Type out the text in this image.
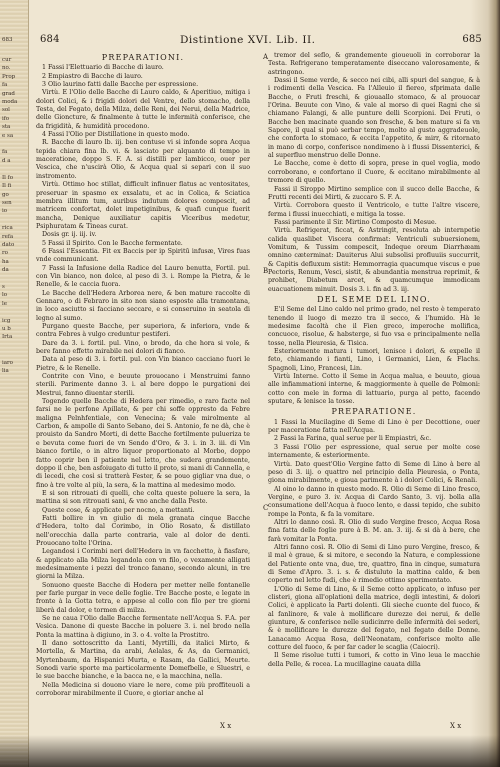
683
cur
no.
Prop
fa
grad
moda
sol
ifo
sta
e sa

fa
d a

Il fo
Il fi
go
sen
io

rica
refa
dato
ro
ha
da

s
lo
le

icg
u b
Irta

iaro
lia
684	Distintione XVI. Lib. II.	685
PREPARATIONI.

1 Fassi l'Elettuario di Bacche di lauro.

2 Empiastro di Bacche di lauro.

3 Olio laurino fatti dalle Bacche per espressione.

Virtù. E l'Olio delle Bacche di Lauro caldo, & Aperitiuo, mitiga i dolori Colici, & i frigidi dolori del Ventre, dello stomacho, della Testa, del Fegato, della Milza, delle Reni, dei Nerui, della Madrice, delle Gioncture, & finalmente à tutte le infermità conferisce, che da frigidità, & humidità procedono.

4 Fassi l'Olio per Distillatione in questo modo.

R. Bacche di lauro lb. iij. ben contuse vi si infonde sopra Acqua tepida chiara fina lb. vi. & lasciato per alquanto di tempo in maceratione, doppo S. F. A. si distilli per lambicco, ouer per Vescica, che n'uscirà Olio, & Acqua qual si separi con il suo instromento.

Virtù. Ottimo hoc stillat, difficult infinuer flatus ac ventositates, preseruar in spasmo ex exsalatu, et ac in Colica, & Sciatica membra illitum tum, auribus indutum dolores compescit, ad matricem confortat, dolet impetiginibus, & quafi cunque fuerit mancha, Denique auxiliatur capitis Vlceribus medetur, Psiphuratam & Tineas curat.

Dosis gr. ij. iij. iv.

5 Fassi il Spirito. Con le Bacche fermentate.

6 Fassi l'Essentia. Fit ex Baccis per ip Spiritū infusæ, Vires fuas vnde communicant.

7 Fassi la Infusione della Radice del Lauro benutta, Fortil. pul. con Vin bianco, non dolce, al peso di 3. i. Rompe la Pietra, & le Renelle, & le caccia fuora.

Le Bacche dell'Hedera Arborea nere, & ben mature raccolte di Gennaro, o di Febraro in sito non siano esposte alla tramontana, in loco asciutto si facciano seccare, e si conseruino in seatola di legno al sumo.

Purgano queste Bacche, per superiora, & inferiora, vnde & contra Febres à vulgo creduntur pestiferi.

Dare da 3. i. fortil. pul. Vino, o brodo, da che hora si vole, & bere fanno effetto mirabile nei dolori di fianco.

Data al peso di 3. i. fortil. pul. con Vin bianco cacciano fuori le Pietre, & le Renelle.

Contrite con Vino, e beuute prouocano i Menstruimi fanno sterili. Parimente danno 3. i. al bere doppo le purgationi dei Mestrui, fanno diuentar sterili.

Togendo quelle Bacche di Hedera per rimedio, e raro facte nel farsi ne le perfone Apillate, & per chi soffe oppresto da Febre maligna Pelnhfentiale, con Venecina; & vale mirolmente al Carbon, & ampolle di Santo Sebano, dei S. Antonio, fe ne dà, che è prouisto da Sandro Morti, di dette Bacche fortilmente pulueriza te e bevuta come fuori de vn Sendo d'Oro, & 3. i. in 3. iii. di Vin bianco fortile, o in altro liquor proportionato al Morbo, doppo fatto coprir ben il patiente nel letto, che sudera grandemente, doppo il che, ben asfoiugato di tutto il proto, si mani di Cannella, e di lecedi, che così si tratterà Fester, & se pouo gigliar vna due, o fino à tre volte al più, la sera, & la mattina al medesimo modo.

E si son ritrouati di quelli, che colta queste poluere la sera, la mattina si son ritrouati sani, & vno anche dalla Peste.

Queste cose, & applicate per nocno, a mettanti.

Fatti bollire in vn giulio di mela granata cinque Bacche d'Hedera, tolto dal Corimbo, in Olio Rosato, & distillato nell'orecchia dalla parte contraria, vale al dolor de denti. Prouocano tolte l'Orina.

Legandosi i Corimbi neri dell'Hedera in vn facchetto, à fiasfare, & applicato alla Milza legandola con vn filo, o vexamente alligati medesimamente i pezzi del tronco fanano, secondo alcuni, in tre giorni la Milza.

Sonuono queste Bacche di Hodera per metter nelle fontanelle per farle purgar in vece delle foglie. Tre Bacche poste, e legate in fronte à la Gotta tetra, e appese al collo con filo per tre giorni liberà dal dolor, e tormen di milza.

Se ne caua l'Olio dalle Bacche fermentate nell'Acqua S. F.A. per Vesica. Danone di queste Bacche in poluere 3. i. nel brodo nella Ponta la mattina à digiuno, in 3. o 4. volte la Prostitro.

Il dano sottoscritto da Lanti, Myrtilli, da italici Mirto, & Mortella, & Martina, da arabi, Aelalas, & As, da Germanici, Myrtenbaum, da Hispanici Murta, e Rasam, da Gallici, Meurte. Sonodi varie sporte ma particolarmente Domefbelle, e Sluestri, e le sue bacche bianche, e la bacca ne, e la macchina, nella.

Nella Medicina si douono viare le nere, come più proffiteuoli a corroborar mirabilmente il Cuore, e gioriar anche al

tremor del seflo, & grandemente gioueuoli in corroborar la Testa. Refrigerano temperatamente diseccano valorosamente, & astringono.

Dassi il Seme verde, & secco nei cibi, alli spuri del sangue, & à i rodimenti della Vescica. Fa l'Alleuio il fiereo, sfprimata dalle Bacche, o Fruti freschi, & giouaallo stomaco, & al prouocar l'Orina. Beuute con Vino, & vale al morso di quei Ragni che si chiamano Falangi, & alle punture delli Scorpioni. Dei Fruti, o Bacche ben macinate quando son fresche, & ben mature si fa vn Sapore, il qual si può serbar tempo, molto al gusto aggradeuole, che conforta lo stomaco, & eccita l'appetito, & mirr, & ritornato in mano di corpo, conferisce nondimeno à i flussi Dissenterici, & al superfluo menstruo delle Donne.

Le Bacche, come è detto di sopra, prese in quel voglia, modo corroborano, e confortano il Cuore, & eccitano mirabilmente al tremore di quello.

Fassi il Siroppo Mirtino semplice con il succo delle Bacche, & Frutti recenti dei Mirti, & zuccaro S. F. A.

Virtù. Corrobora questo il Ventricolo, e tutte l'altre viscere, ferma i flussi inuecchiati, e mitiga la tosse.

Fassi parimente il Sir. Mirtino Composto di Mesue.

Virtù. Refrigerat, ficcat, & Astringit, resoluta ab internpetie calida quaslibet Viscera confirmat: Ventriculi subuersionem, Vomitum, & Tussim compescit, Indeque oreum Diarrhæam omnino cæterminat: Dauiterus Alui subsolisi profluuiis succurrit, & Capitis defluxum sistit: Hemmorragia quacumque viscus e pue Pectoris, Renum, Vesci, sistit, & abundantia menstrua reprimit, & prohibet, Diabetum arcet, & quamcumque immodicam euacuationem minuit. Dosis 3. i. fin ad 3. iij.

DEL SEME DEL LINO.

E'il Seme del Lino caldo nel primo grado, nel resto è temperato tenendo il luogo di mezzo tra il secco, & l'humido. Hà le medesime facoltà che il Fien greco, imperoche mollifica, concuoce, risolue, & habstergе, si fuo vsa e principalmente nella tosse, nella Pleuresia, & Tisica.

Esteriormente matura i tumori, lenisce i dolori, & expelle il feto, chiamando i fianti, Lino, i Germanici, Lien, & Flachs. Spagnoli, Lino, Francesi, Lin.

Virtù Interne. Cotto il Seme in Acqua malua, e beuuto, gioua alle infiammationi interne, & maggiormente à quelle de Polmoni: cotto con mele in forma di lattuario, purga al petto, facendo sputare, & lenisce la tosse.

PREPARATIONE.

1 Fassi la Mucilagine di Seme di Lino è per Decottione, ouer per maceratione fatta nell'Acqua.

2 Fassi la Farina, qual serue per li Empiastri, &c.

3 Fassi l'Olio per espressione, qual serue per molte cose internamente, & esteriormente.

Virtù. Dato quest'Olio Vergine fatto di Seme di Lino à bere al peso di 3. iij. o quattro nel principio della Pleuresia, o Ponta, giona mirabilmente, e gioua parimente à i dolori Colici, & Renali.

Al oino lo danno in questo modo. R. Olio di Seme di Lino fresco, Vergine, e puro 3. iv. Acqua di Cardo Santo, 3. vij. bolla alla consumatione dell'Acqua à fuoco lento, e dassi tepido, che subito rompe la Ponta, & fa la vomitare.

Altri lo danno così. R. Olio di sudo Vergine fresco, Acqua Rosa fina fatta delle foglie pure à B. M. an. 3. iij. & si dà à bere, che farà vomitar la Ponta.

Altri fanno così. R. Olio di Semi di Lino puro Vergine, fresco, & il mal è graue, & si mitore, e secondo la Natura, e complessione del Patiente onte vna, due, tre, quattro, fina in cinque, sumatura di Seme d'Apro. 3. i. s. & distuluto la mattina caldo, & ben coperto nel letto fudi, che è rimedio ottimo sperimentato.

L'Olio di Seme di Lino, & il Seme cotto applicato, o infuso per clisteri, giona all'oplationi della matrice, degli intestini, & dolori Colici, è applicato la Parti dolenti. Gli sieche cuonte del fuoco, & al fanlinore, & vale à mollificare durezze dei nerui, & delle giunture, & conferisce nelle sudicinrre delle infermità dei sederi, & è mollificare le durezze del fegato, nel fegato delle Donne. Lanacamo Acqua Rosa, dell'Neonatam, conferisce molto alle cotture del fuoco, & per far cader le scaglia (Caiocri).

Il Seme risolue tutti i tumori, & cotto in Vino leua le macchie della Pelle, & rocea. La mucillagine cauata dilla

A
B
C
X x	X x
